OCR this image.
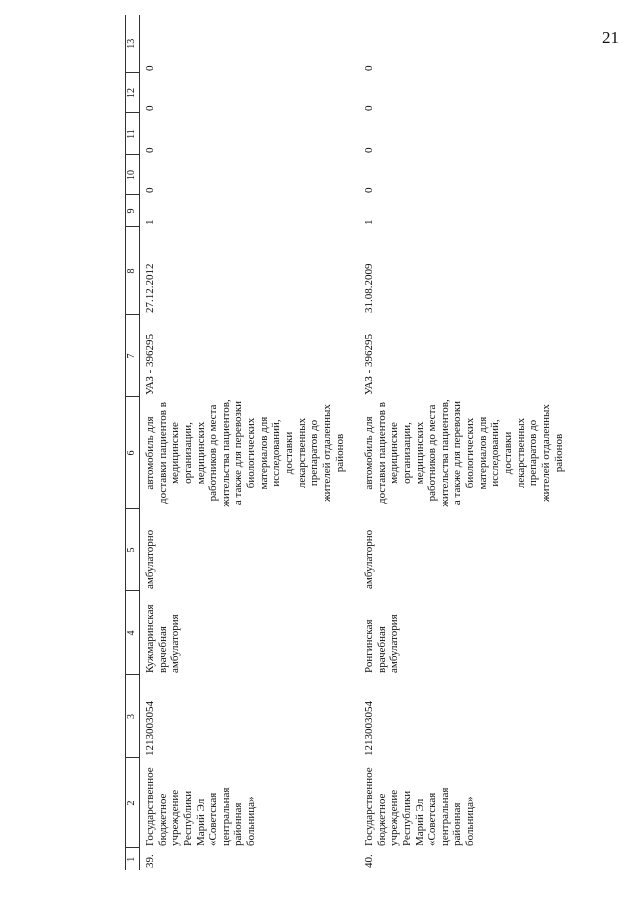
21
1	2	3	4	5	6	7	8	9	10	11	12	13
39.	Государственное бюджетное учреждение Республики Марий Эл «Советская центральная районная больница»	1213003054	Кужмаринская врачебная амбулатория	амбулаторно	автомобиль для доставки пациентов в медицинские организации, медицинских работников до места жительства пациентов, а также для перевозки биологических материалов для исследований, доставки лекарственных препаратов до жителей отдаленных районов	УАЗ - 396295	27.12.2012	1	0	0	0	0
40.	Государственное бюджетное учреждение Республики Марий Эл «Советская центральная районная больница»	1213003054	Ронгинская врачебная амбулатория	амбулаторно	автомобиль для доставки пациентов в медицинские организации, медицинских работников до места жительства пациентов, а также для перевозки биологических материалов для исследований, доставки лекарственных препаратов до жителей отдаленных районов	УАЗ - 396295	31.08.2009	1	0	0	0	0
